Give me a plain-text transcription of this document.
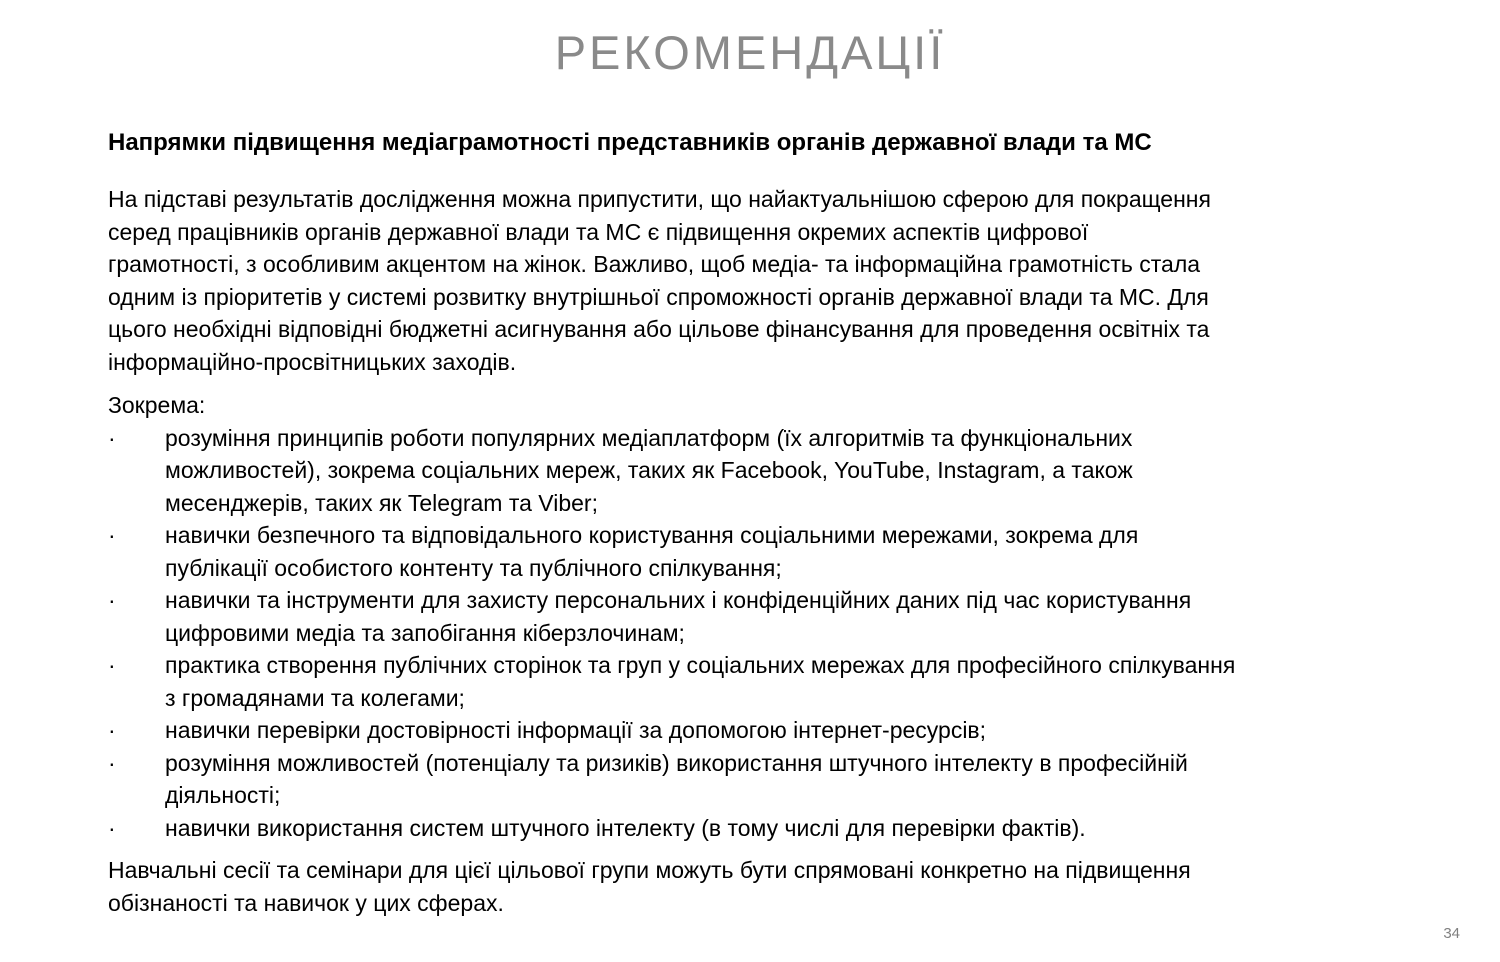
РЕКОМЕНДАЦІЇ
Напрямки підвищення медіаграмотності представників органів державної влади та МС
На підставі результатів дослідження можна припустити, що найактуальнішою сферою для покращення
серед працівників органів державної влади та МС є підвищення окремих аспектів цифрової
грамотності, з особливим акцентом на жінок. Важливо, щоб медіа- та інформаційна грамотність стала
одним із пріоритетів у системі розвитку внутрішньої спроможності органів державної влади та МС. Для
цього необхідні відповідні бюджетні асигнування або цільове фінансування для проведення освітніх та
інформаційно-просвітницьких заходів.
Зокрема:
·	розуміння принципів роботи популярних медіаплатформ (їх алгоритмів та функціональних
можливостей), зокрема соціальних мереж, таких як Facebook, YouTube, Instagram, а також
месенджерів, таких як Telegram та Viber;
·	навички безпечного та відповідального користування соціальними мережами, зокрема для
публікації особистого контенту та публічного спілкування;
·	навички та інструменти для захисту персональних і конфіденційних даних під час користування
цифровими медіа та запобігання кіберзлочинам;
·	практика створення публічних сторінок та груп у соціальних мережах для професійного спілкування
з громадянами та колегами;
·	навички перевірки достовірності інформації за допомогою інтернет-ресурсів;
·	розуміння можливостей (потенціалу та ризиків) використання штучного інтелекту в професійній
діяльності;
·	навички використання систем штучного інтелекту (в тому числі для перевірки фактів).
Навчальні сесії та семінари для цієї цільової групи можуть бути спрямовані конкретно на підвищення
обізнаності та навичок у цих сферах.
34
